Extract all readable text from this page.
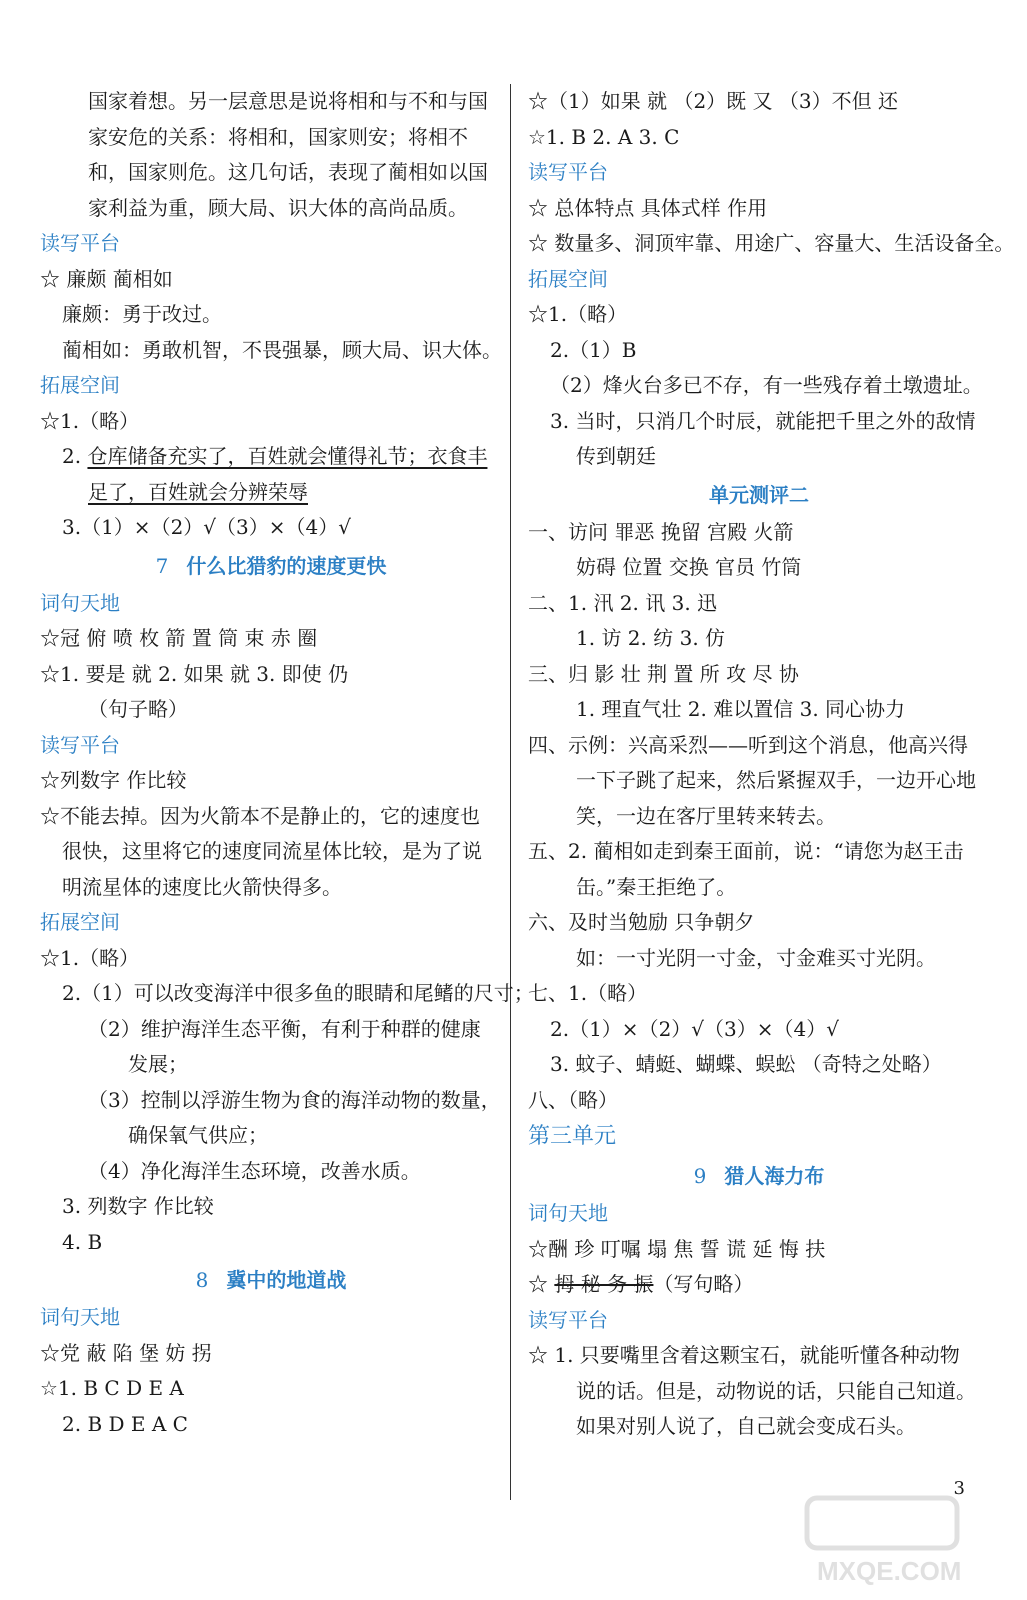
国家着想。另一层意思是说将相和与不和与国
家安危的关系：将相和，国家则安；将相不
和，国家则危。这几句话，表现了蔺相如以国
家利益为重，顾大局、识大体的高尚品质。
读写平台
☆ 廉颇 蔺相如
廉颇：勇于改过。
蔺相如：勇敢机智，不畏强暴，顾大局、识大体。
拓展空间
☆1.（略）
2. 仓库储备充实了，百姓就会懂得礼节；衣食丰
足了，百姓就会分辨荣辱
3.（1）×（2）√（3）×（4）√
7 什么比猎豹的速度更快
词句天地
☆冠 俯 喷 枚 箭 置 筒 束 赤 圈
☆1. 要是 就 2. 如果 就 3. 即使 仍
（句子略）
读写平台
☆列数字 作比较
☆不能去掉。因为火箭本不是静止的，它的速度也
很快，这里将它的速度同流星体比较，是为了说
明流星体的速度比火箭快得多。
拓展空间
☆1.（略）
2.（1）可以改变海洋中很多鱼的眼睛和尾鳍的尺寸；
（2）维护海洋生态平衡，有利于种群的健康
发展；
（3）控制以浮游生物为食的海洋动物的数量，
确保氧气供应；
（4）净化海洋生态环境，改善水质。
3. 列数字 作比较
4. B
8 冀中的地道战
词句天地
☆党 蔽 陷 堡 妨 拐
☆1. B C D E A
2. B D E A C
☆（1）如果 就 （2）既 又 （3）不但 还
☆1. B 2. A 3. C
读写平台
☆ 总体特点 具体式样 作用
☆ 数量多、洞顶牢靠、用途广、容量大、生活设备全。
拓展空间
☆1.（略）
2.（1）B
（2）烽火台多已不存，有一些残存着土墩遗址。
3. 当时，只消几个时辰，就能把千里之外的敌情
传到朝廷
单元测评二
一、访问 罪恶 挽留 宫殿 火箭
妨碍 位置 交换 官员 竹筒
二、1. 汛 2. 讯 3. 迅
1. 访 2. 纺 3. 仿
三、归 影 壮 荆 置 所 攻 尽 协
1. 理直气壮 2. 难以置信 3. 同心协力
四、示例：兴高采烈——听到这个消息，他高兴得
一下子跳了起来，然后紧握双手，一边开心地
笑，一边在客厅里转来转去。
五、2. 蔺相如走到秦王面前，说：“请您为赵王击
缶。”秦王拒绝了。
六、及时当勉励 只争朝夕
如：一寸光阴一寸金，寸金难买寸光阴。
七、1.（略）
2.（1）×（2）√（3）×（4）√
3. 蚊子、蜻蜓、蝴蝶、蜈蚣 （奇特之处略）
八、（略）
第三单元
9 猎人海力布
词句天地
☆酬 珍 叮嘱 塌 焦 誓 谎 延 悔 扶
☆ 拇 秘 务 振（写句略）
读写平台
☆ 1. 只要嘴里含着这颗宝石，就能听懂各种动物
说的话。但是，动物说的话，只能自己知道。
如果对别人说了，自己就会变成石头。
3
MXQE.COM
